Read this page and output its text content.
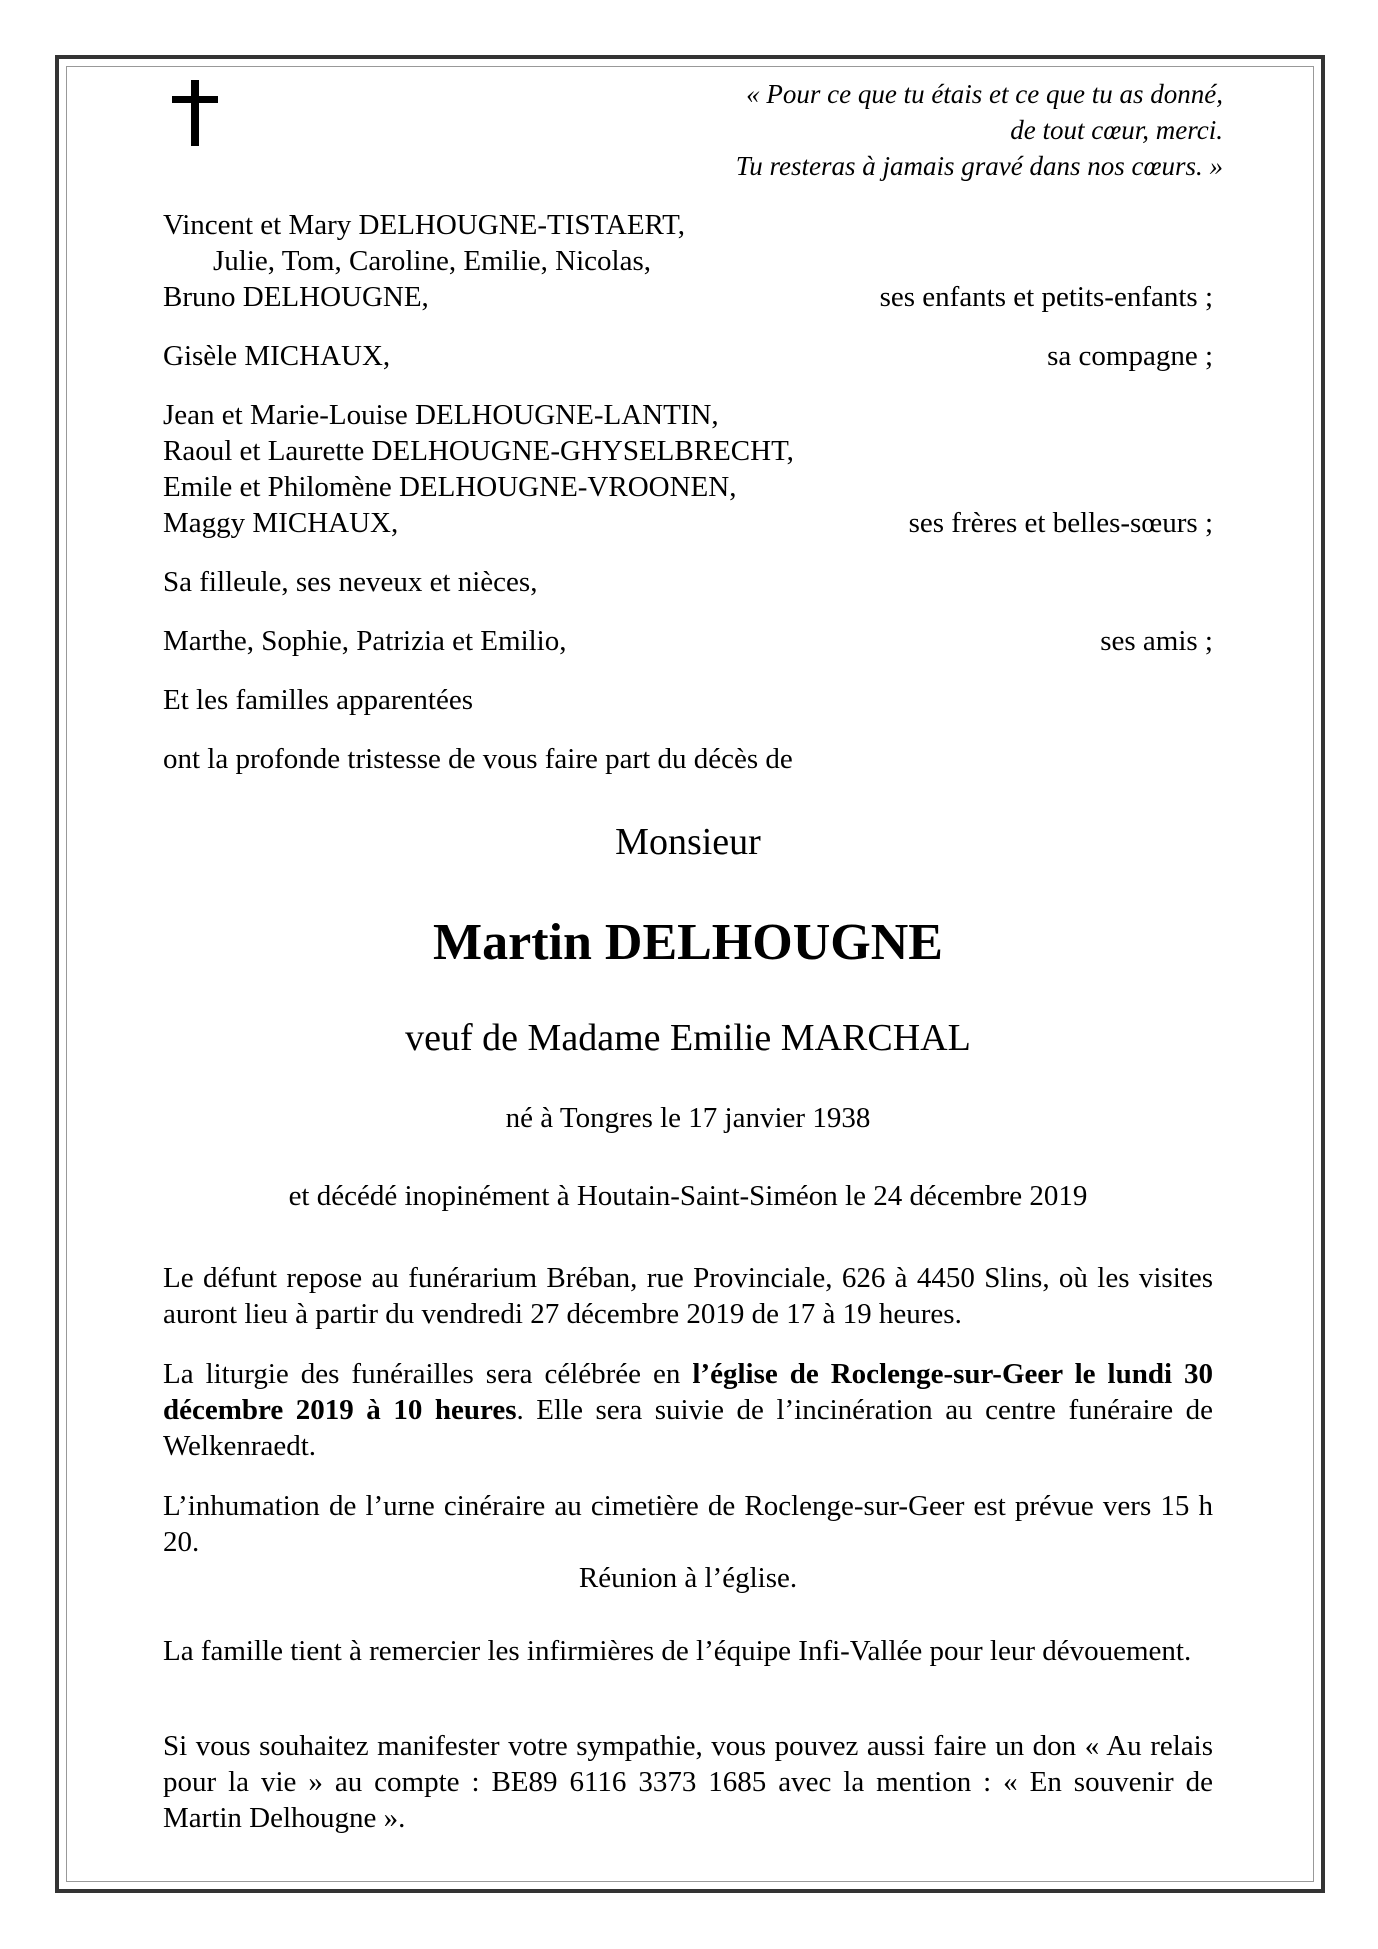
« Pour ce que tu étais et ce que tu as donné,
de tout cœur, merci.
Tu resteras à jamais gravé dans nos cœurs. »
Vincent et Mary DELHOUGNE-TISTAERT,
Julie, Tom, Caroline, Emilie, Nicolas,
Bruno DELHOUGNE,	ses enfants et petits-enfants ;
Gisèle MICHAUX,	sa compagne ;
Jean et Marie-Louise DELHOUGNE-LANTIN,
Raoul et Laurette DELHOUGNE-GHYSELBRECHT,
Emile et Philomène DELHOUGNE-VROONEN,
Maggy MICHAUX,	ses frères et belles-sœurs ;
Sa filleule, ses neveux et nièces,
Marthe, Sophie, Patrizia et Emilio,	ses amis ;
Et les familles apparentées
ont la profonde tristesse de vous faire part du décès de
Monsieur
Martin DELHOUGNE
veuf de Madame Emilie MARCHAL
né à Tongres le 17 janvier 1938
et décédé inopinément à Houtain-Saint-Siméon le 24 décembre 2019
Le défunt repose au funérarium Bréban, rue Provinciale, 626 à 4450 Slins, où les visites auront lieu à partir du vendredi 27 décembre 2019 de 17 à 19 heures.
La liturgie des funérailles sera célébrée en l’église de Roclenge-sur-Geer le lundi 30 décembre 2019 à 10 heures. Elle sera suivie de l’incinération au centre funéraire de Welkenraedt.
L’inhumation de l’urne cinéraire au cimetière de Roclenge-sur-Geer est prévue vers 15 h 20.
Réunion à l’église.
La famille tient à remercier les infirmières de l’équipe Infi-Vallée pour leur dévouement.
Si vous souhaitez manifester votre sympathie, vous pouvez aussi faire un don « Au relais pour la vie » au compte : BE89 6116 3373 1685 avec la mention : « En souvenir de Martin Delhougne ».
